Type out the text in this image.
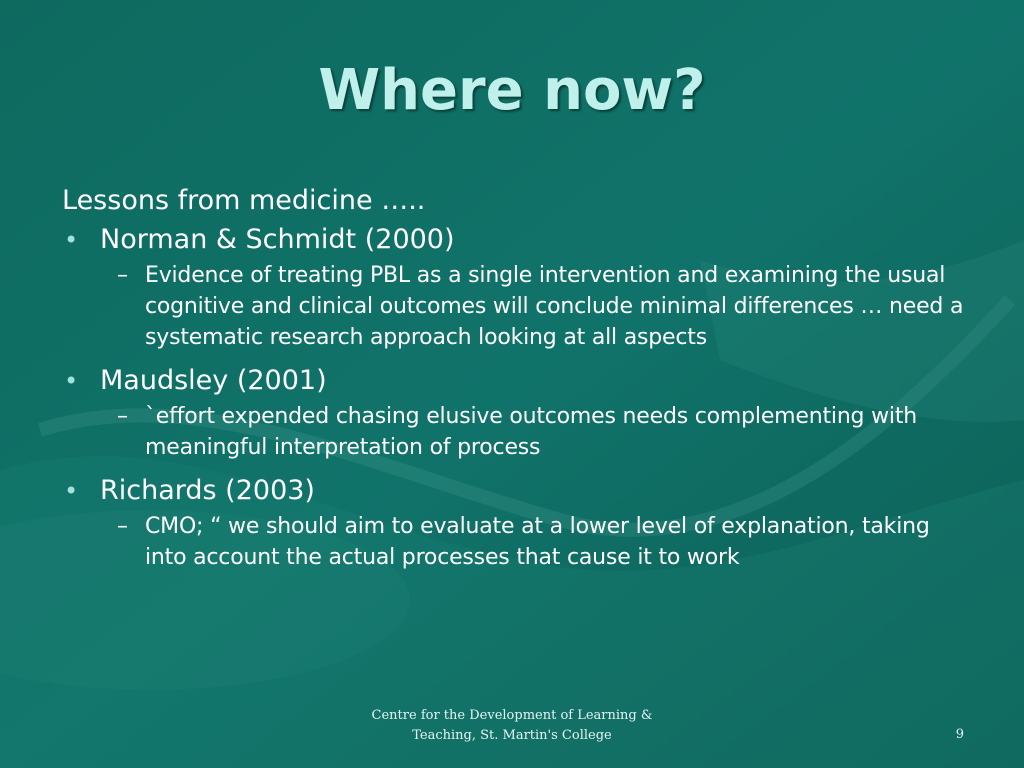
Where now?
Lessons from medicine …..
• Norman & Schmidt (2000)
– Evidence of treating PBL as a single intervention and examining the usual cognitive and clinical outcomes will conclude minimal differences … need a systematic research approach looking at all aspects
• Maudsley (2001)
– `effort expended chasing elusive outcomes needs complementing with meaningful interpretation of process
• Richards (2003)
– CMO; “ we should aim to evaluate at a lower level of explanation, taking into account the actual processes that cause it to work
Centre for the Development of Learning &
Teaching, St. Martin's College	9
